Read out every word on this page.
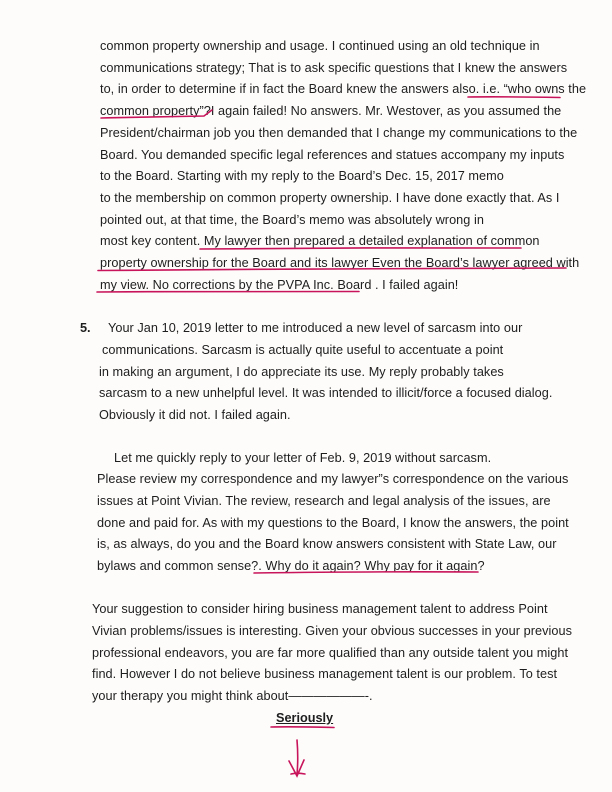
common property ownership and usage. I continued using an old technique in

communications strategy; That is to ask specific questions that I knew the answers

to, in order to determine if in fact the Board knew the answers also. i.e. “who owns the

common property”?I again failed! No answers. Mr. Westover, as you assumed the

President/chairman job you then demanded that I change my communications to the

Board. You demanded specific legal references and statues accompany my inputs

to the Board. Starting with my reply to the Board’s Dec. 15, 2017 memo

to the membership on common property ownership. I have done exactly that. As I

pointed out, at that time, the Board’s memo was absolutely wrong in

most key content. My lawyer then prepared a detailed explanation of common

property ownership for the Board and its lawyer Even the Board’s lawyer agreed with

my view. No corrections by the PVPA Inc. Board . I failed again!

5. Your Jan 10, 2019 letter to me introduced a new level of sarcasm into our

communications. Sarcasm is actually quite useful to accentuate a point

in making an argument, I do appreciate its use. My reply probably takes

sarcasm to a new unhelpful level. It was intended to illicit/force a focused dialog.

Obviously it did not. I failed again.

Let me quickly reply to your letter of Feb. 9, 2019 without sarcasm.

Please review my correspondence and my lawyer”s correspondence on the various

issues at Point Vivian. The review, research and legal analysis of the issues, are

done and paid for. As with my questions to the Board, I know the answers, the point

is, as always, do you and the Board know answers consistent with State Law, our

bylaws and common sense?. Why do it again? Why pay for it again?

Your suggestion to consider hiring business management talent to address Point

Vivian problems/issues is interesting. Given your obvious successes in your previous

professional endeavors, you are far more qualified than any outside talent you might

find. However I do not believe business management talent is our problem. To test

your therapy you might think about——————-.

Seriously
